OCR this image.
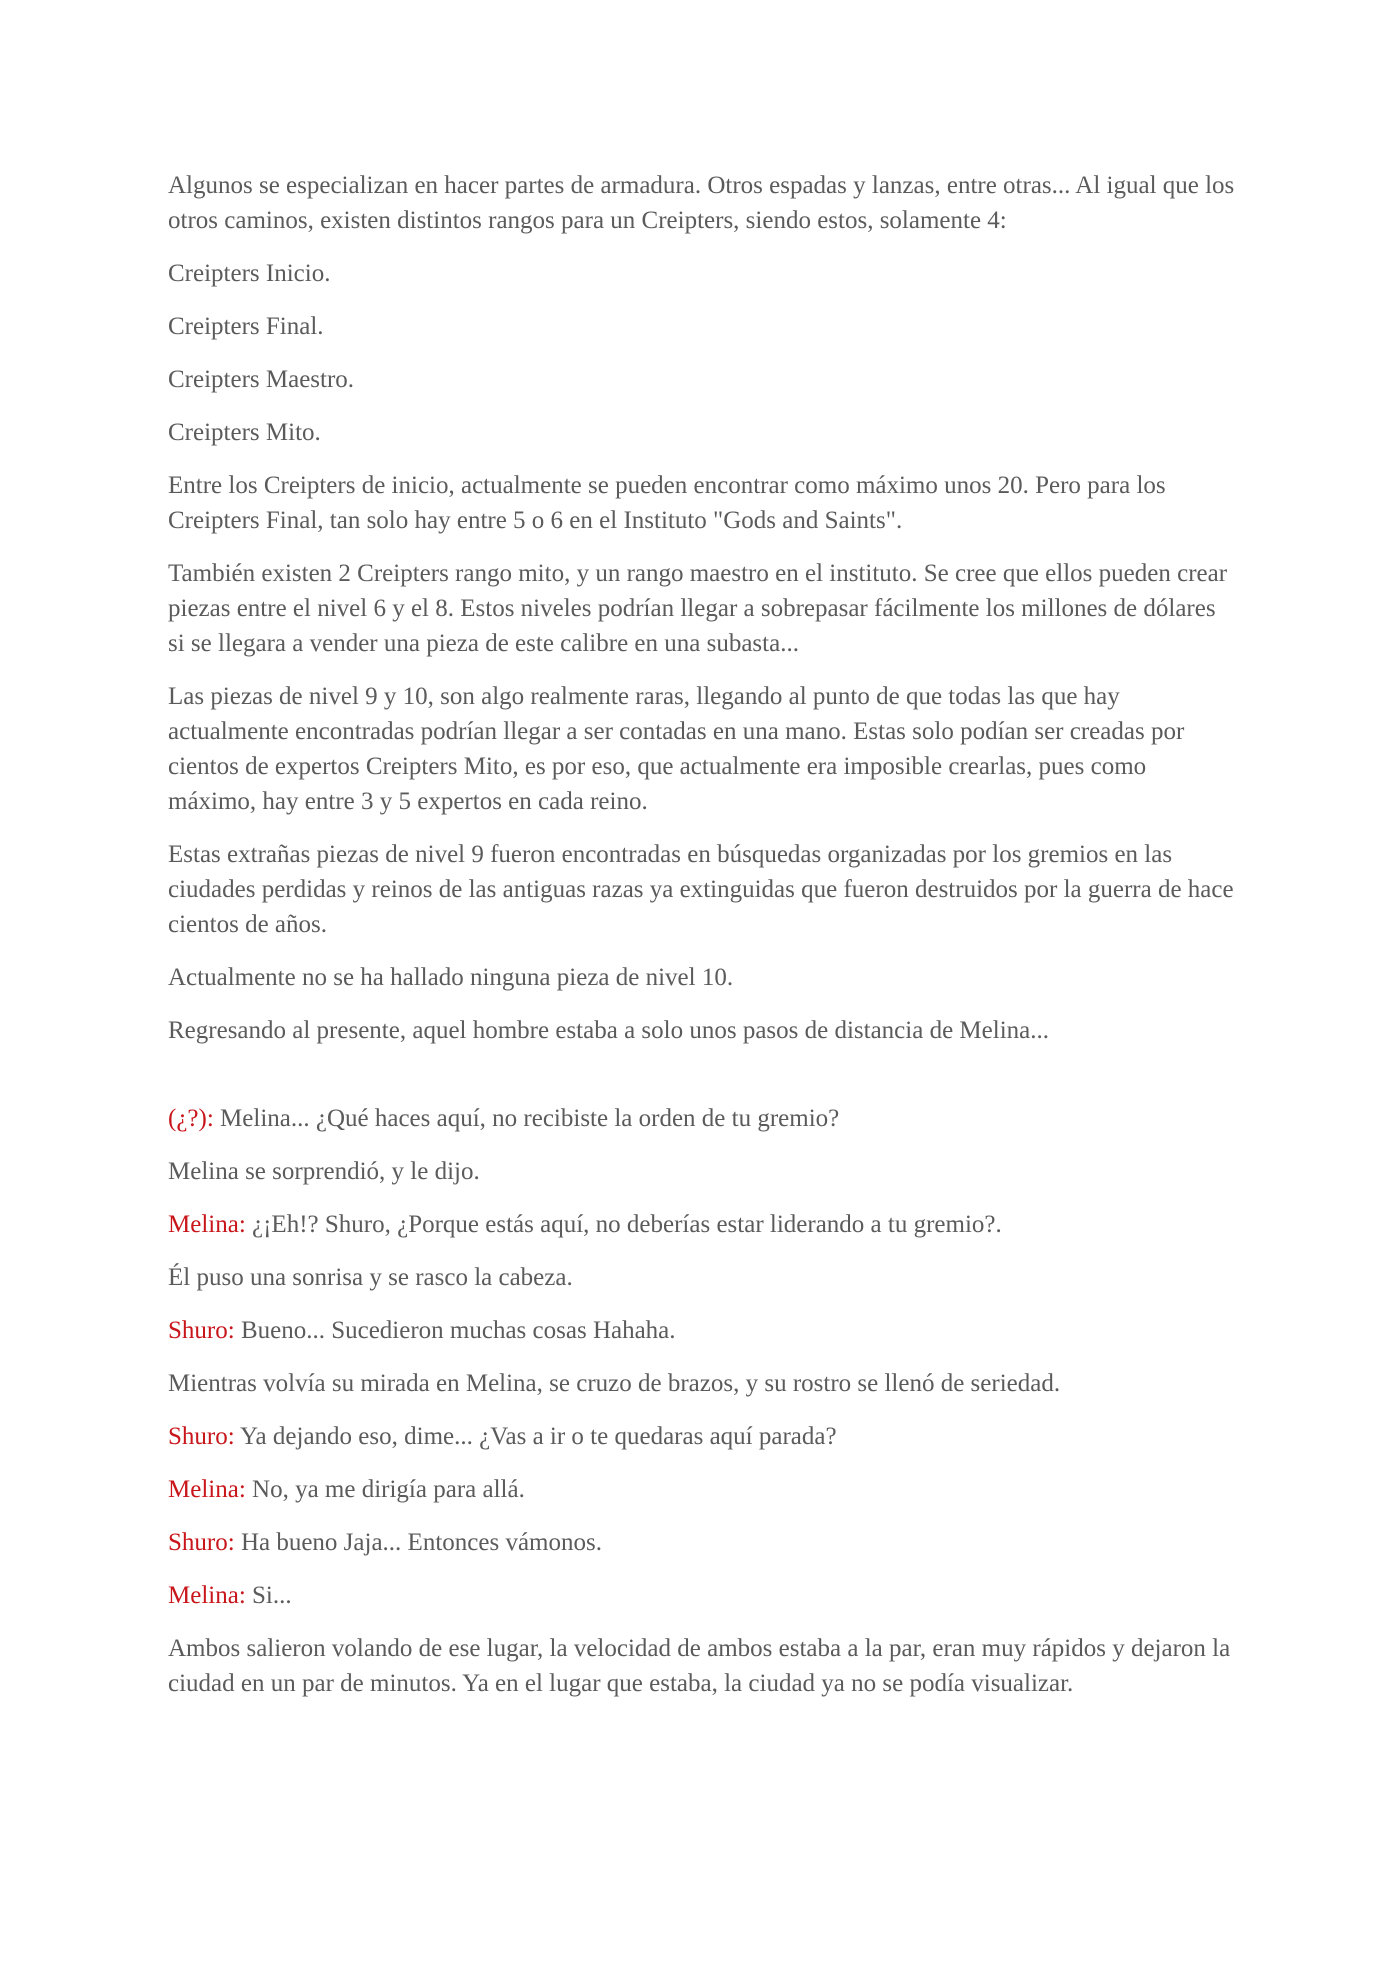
Algunos se especializan en hacer partes de armadura. Otros espadas y lanzas, entre otras... Al igual que los otros caminos, existen distintos rangos para un Creipters, siendo estos, solamente 4:

Creipters Inicio.

Creipters Final.

Creipters Maestro.

Creipters Mito.

Entre los Creipters de inicio, actualmente se pueden encontrar como máximo unos 20. Pero para los Creipters Final, tan solo hay entre 5 o 6 en el Instituto "Gods and Saints".

También existen 2 Creipters rango mito, y un rango maestro en el instituto. Se cree que ellos pueden crear piezas entre el nivel 6 y el 8. Estos niveles podrían llegar a sobrepasar fácilmente los millones de dólares si se llegara a vender una pieza de este calibre en una subasta...

Las piezas de nivel 9 y 10, son algo realmente raras, llegando al punto de que todas las que hay actualmente encontradas podrían llegar a ser contadas en una mano. Estas solo podían ser creadas por cientos de expertos Creipters Mito, es por eso, que actualmente era imposible crearlas, pues como máximo, hay entre 3 y 5 expertos en cada reino.

Estas extrañas piezas de nivel 9 fueron encontradas en búsquedas organizadas por los gremios en las ciudades perdidas y reinos de las antiguas razas ya extinguidas que fueron destruidos por la guerra de hace cientos de años.

Actualmente no se ha hallado ninguna pieza de nivel 10.

Regresando al presente, aquel hombre estaba a solo unos pasos de distancia de Melina...

(¿?): Melina... ¿Qué haces aquí, no recibiste la orden de tu gremio?

Melina se sorprendió, y le dijo.

Melina: ¿¡Eh!? Shuro, ¿Porque estás aquí, no deberías estar liderando a tu gremio?.

Él puso una sonrisa y se rasco la cabeza.

Shuro: Bueno... Sucedieron muchas cosas Hahaha.

Mientras volvía su mirada en Melina, se cruzo de brazos, y su rostro se llenó de seriedad.

Shuro: Ya dejando eso, dime... ¿Vas a ir o te quedaras aquí parada?

Melina: No, ya me dirigía para allá.

Shuro: Ha bueno Jaja... Entonces vámonos.

Melina: Si...

Ambos salieron volando de ese lugar, la velocidad de ambos estaba a la par, eran muy rápidos y dejaron la ciudad en un par de minutos. Ya en el lugar que estaba, la ciudad ya no se podía visualizar.
